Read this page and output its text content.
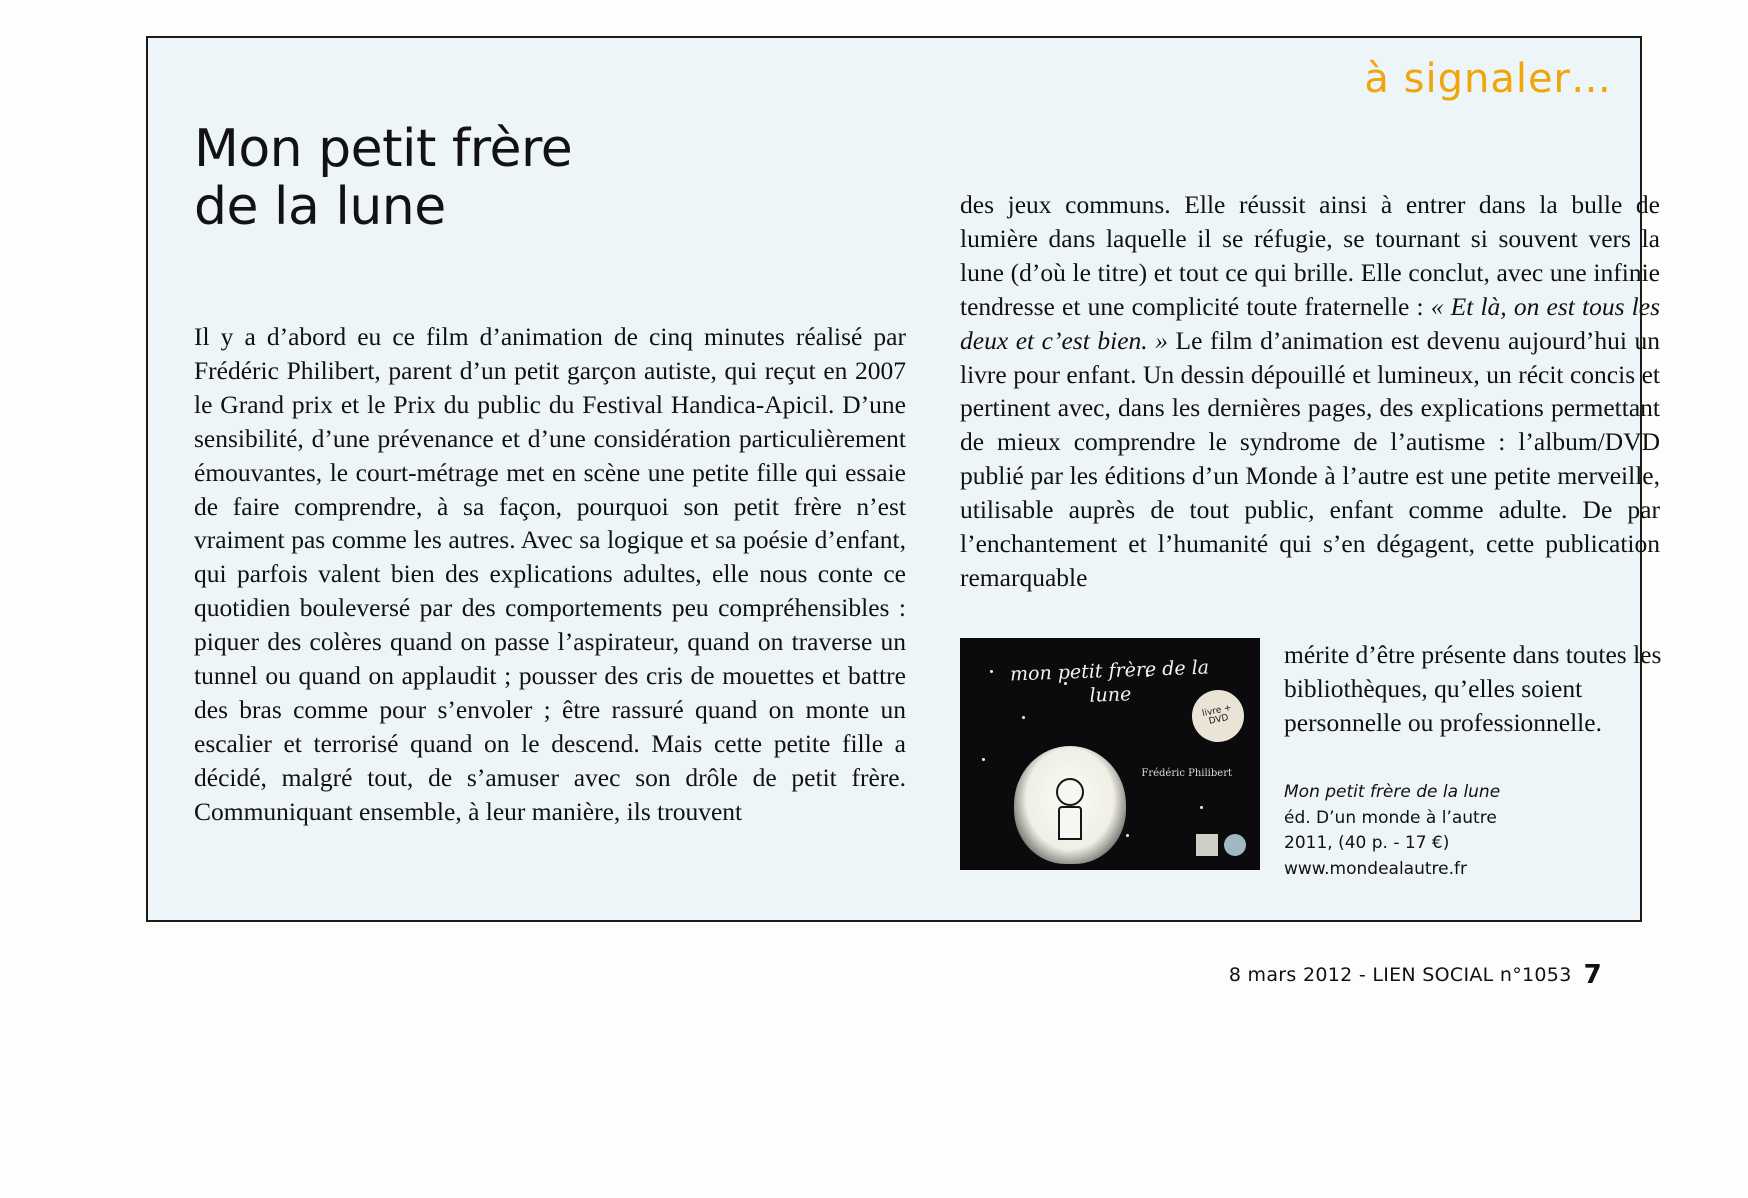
à signaler…
Mon petit frère
de la lune

Il y a d’abord eu ce film d’animation de cinq minutes réalisé par Frédéric Philibert, parent d’un petit garçon autiste, qui reçut en 2007 le Grand prix et le Prix du public du Festival Handica-Apicil. D’une sensibilité, d’une prévenance et d’une considération particulièrement émouvantes, le court-métrage met en scène une petite fille qui essaie de faire comprendre, à sa façon, pourquoi son petit frère n’est vraiment pas comme les autres. Avec sa logique et sa poésie d’enfant, qui parfois valent bien des explications adultes, elle nous conte ce quotidien bouleversé par des comportements peu compréhensibles : piquer des colères quand on passe l’aspirateur, quand on traverse un tunnel ou quand on applaudit ; pousser des cris de mouettes et battre des bras comme pour s’envoler ; être rassuré quand on monte un escalier et terrorisé quand on le descend. Mais cette petite fille a décidé, malgré tout, de s’amuser avec son drôle de petit frère. Communiquant ensemble, à leur manière, ils trouvent

des jeux communs. Elle réussit ainsi à entrer dans la bulle de lumière dans laquelle il se réfugie, se tournant si souvent vers la lune (d’où le titre) et tout ce qui brille. Elle conclut, avec une infinie tendresse et une complicité toute fraternelle : « Et là, on est tous les deux et c’est bien. » Le film d’animation est devenu aujourd’hui un livre pour enfant. Un dessin dépouillé et lumineux, un récit concis et pertinent avec, dans les dernières pages, des explications permettant de mieux comprendre le syndrome de l’autisme : l’album/DVD publié par les éditions d’un Monde à l’autre est une petite merveille, utilisable auprès de tout public, enfant comme adulte. De par l’enchantement et l’humanité qui s’en dégagent, cette publication remarquable

mon petit frère de la lune
livre + DVD
Frédéric Philibert
mérite d’être présente dans toutes les bibliothèques, qu’elles soient personnelle ou professionnelle.
Mon petit frère de la lune
éd. D’un monde à l’autre
2011, (40 p. - 17 €)
www.mondealautre.fr
8 mars 2012 - LIEN SOCIAL n°1053 7
